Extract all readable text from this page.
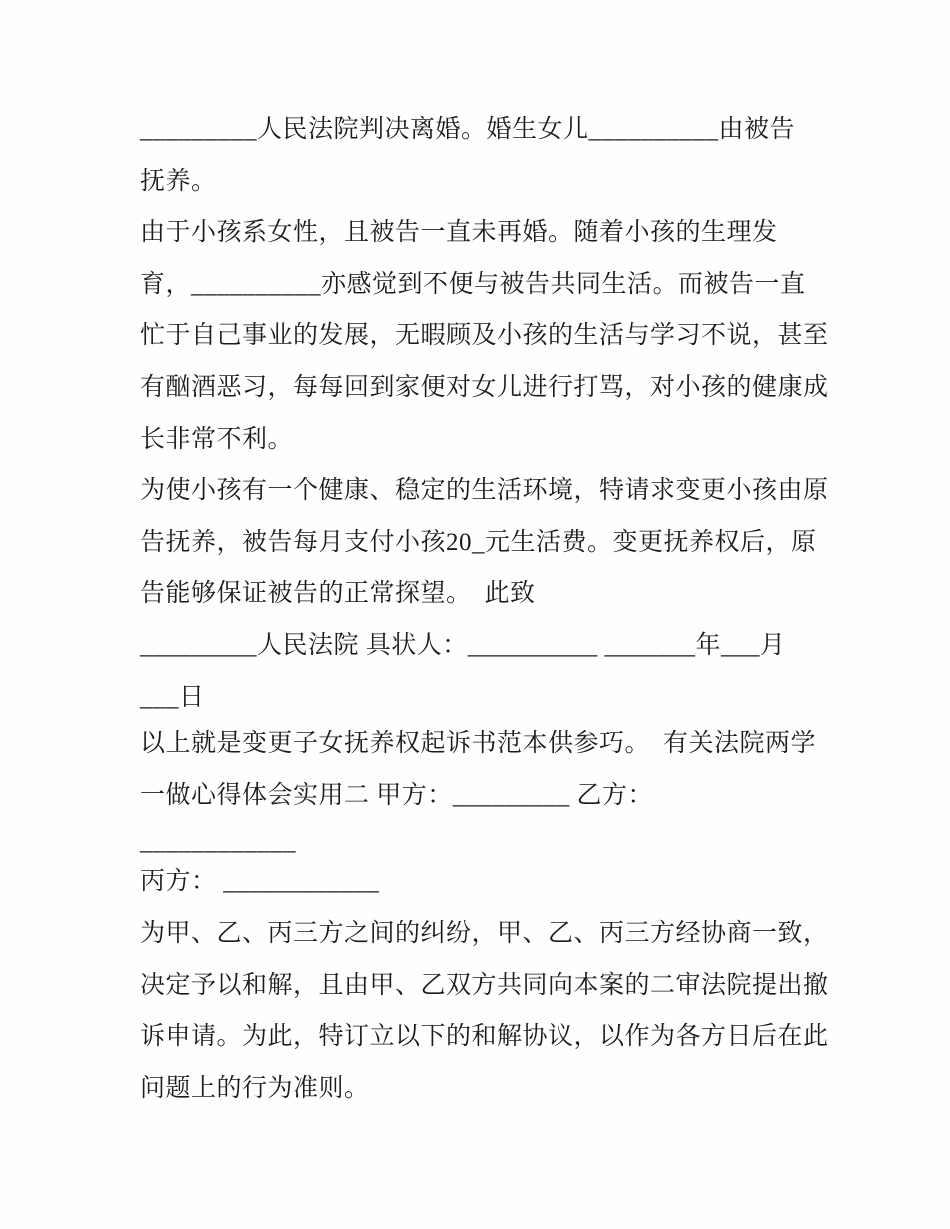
_________人民法院判决离婚。婚生女儿__________由被告
抚养。
由于小孩系女性，且被告一直未再婚。随着小孩的生理发
育，__________亦感觉到不便与被告共同生活。而被告一直
忙于自己事业的发展，无暇顾及小孩的生活与学习不说，甚至
有酗酒恶习，每每回到家便对女儿进行打骂，对小孩的健康成
长非常不利。
为使小孩有一个健康、稳定的生活环境，特请求变更小孩由原
告抚养，被告每月支付小孩20_元生活费。变更抚养权后，原
告能够保证被告的正常探望。　此致
_________人民法院 具状人：__________ _______年___月
___日
以上就是变更子女抚养权起诉书范本供参巧。　有关法院两学
一做心得体会实用二 甲方：_________ 乙方：
____________
丙方： ____________
为甲、乙、丙三方之间的纠纷，甲、乙、丙三方经协商一致，
决定予以和解，且由甲、乙双方共同向本案的二审法院提出撤
诉申请。为此，特订立以下的和解协议，以作为各方日后在此
问题上的行为准则。
